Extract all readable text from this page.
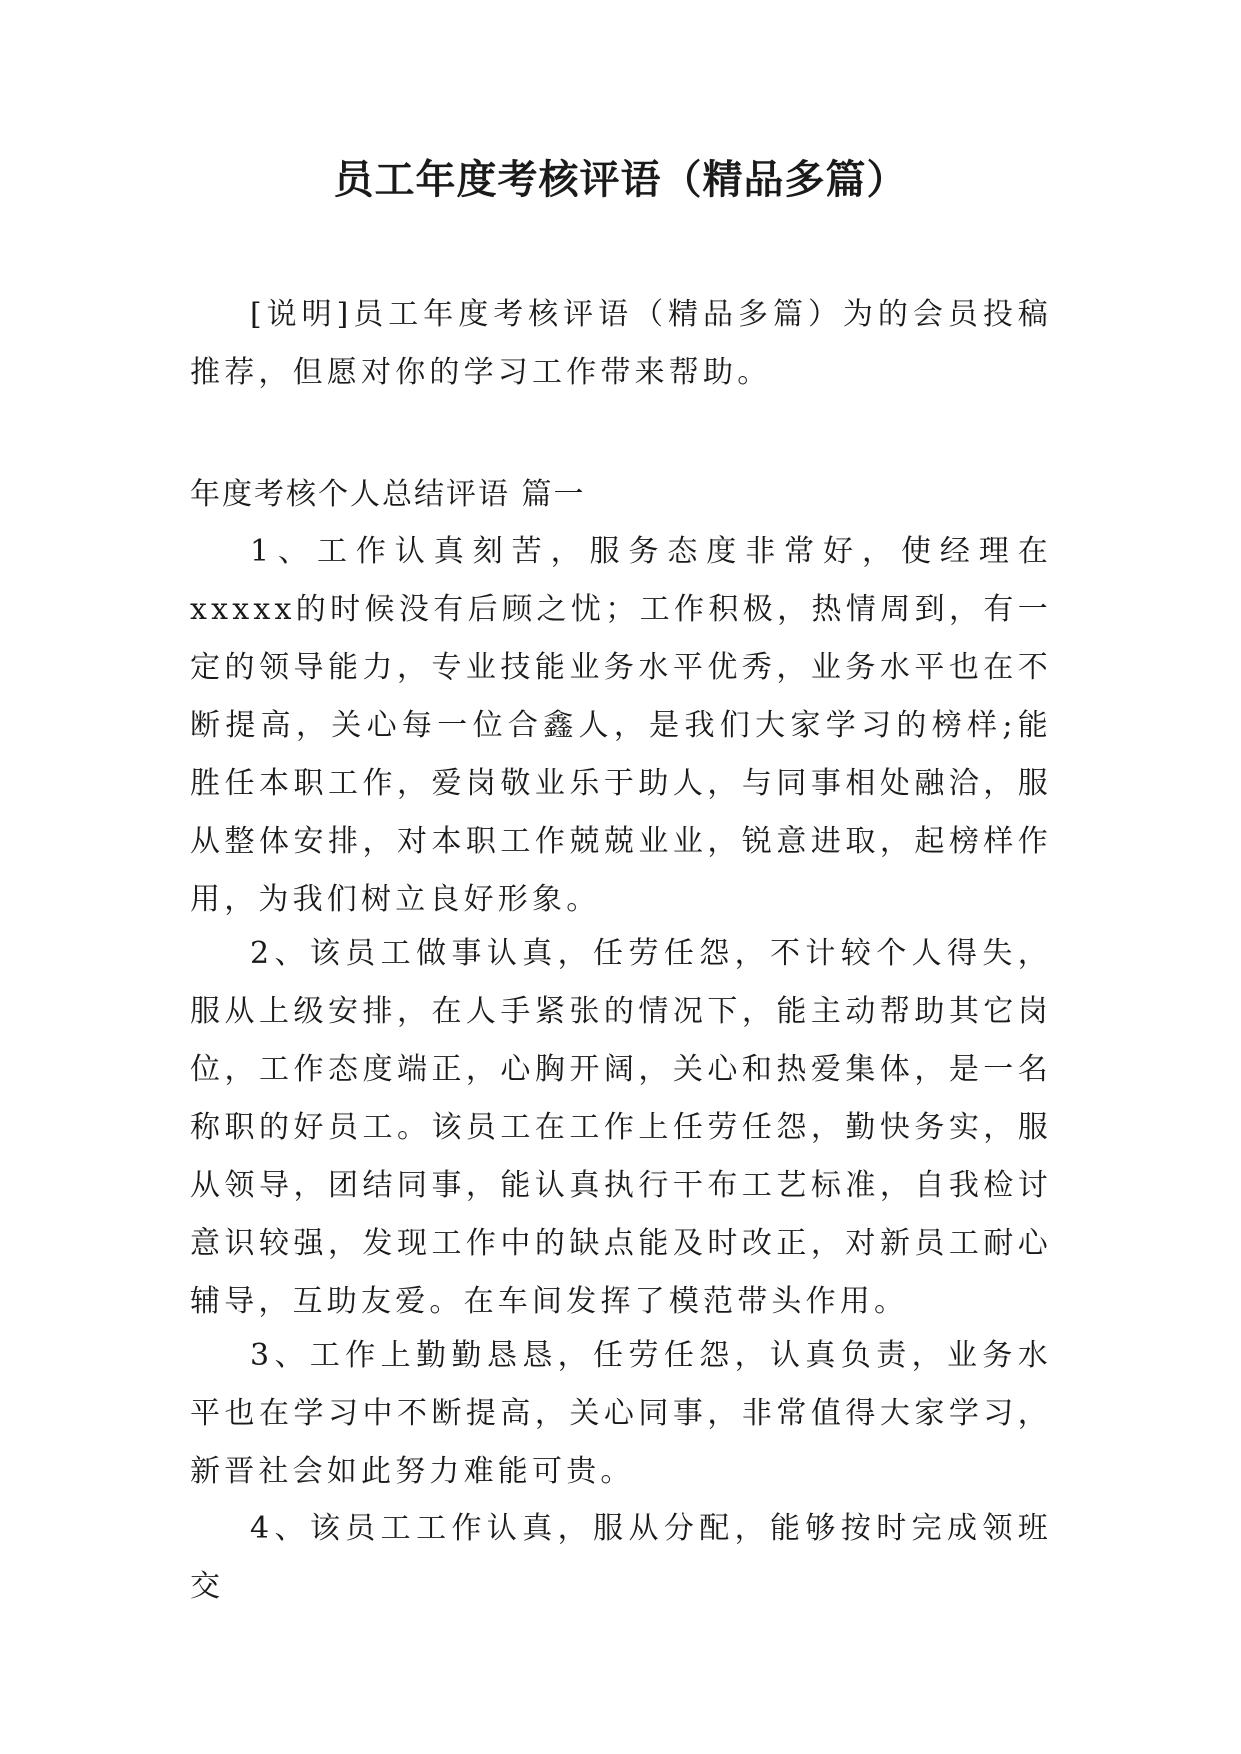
员工年度考核评语（精品多篇）

[说明]员工年度考核评语（精品多篇）为的会员投稿推荐，但愿对你的学习工作带来帮助。

年度考核个人总结评语 篇一

1、工作认真刻苦，服务态度非常好，使经理在xxxxx的时候没有后顾之忧；工作积极，热情周到，有一定的领导能力，专业技能业务水平优秀，业务水平也在不断提高，关心每一位合鑫人，是我们大家学习的榜样;能胜任本职工作，爱岗敬业乐于助人，与同事相处融洽，服从整体安排，对本职工作兢兢业业，锐意进取，起榜样作用，为我们树立良好形象。

2、该员工做事认真，任劳任怨，不计较个人得失，服从上级安排，在人手紧张的情况下，能主动帮助其它岗位，工作态度端正，心胸开阔，关心和热爱集体，是一名称职的好员工。该员工在工作上任劳任怨，勤快务实，服从领导，团结同事，能认真执行干布工艺标准，自我检讨意识较强，发现工作中的缺点能及时改正，对新员工耐心辅导，互助友爱。在车间发挥了模范带头作用。

3、工作上勤勤恳恳，任劳任怨，认真负责，业务水平也在学习中不断提高，关心同事，非常值得大家学习，新晋社会如此努力难能可贵。

4、该员工工作认真，服从分配，能够按时完成领班交
